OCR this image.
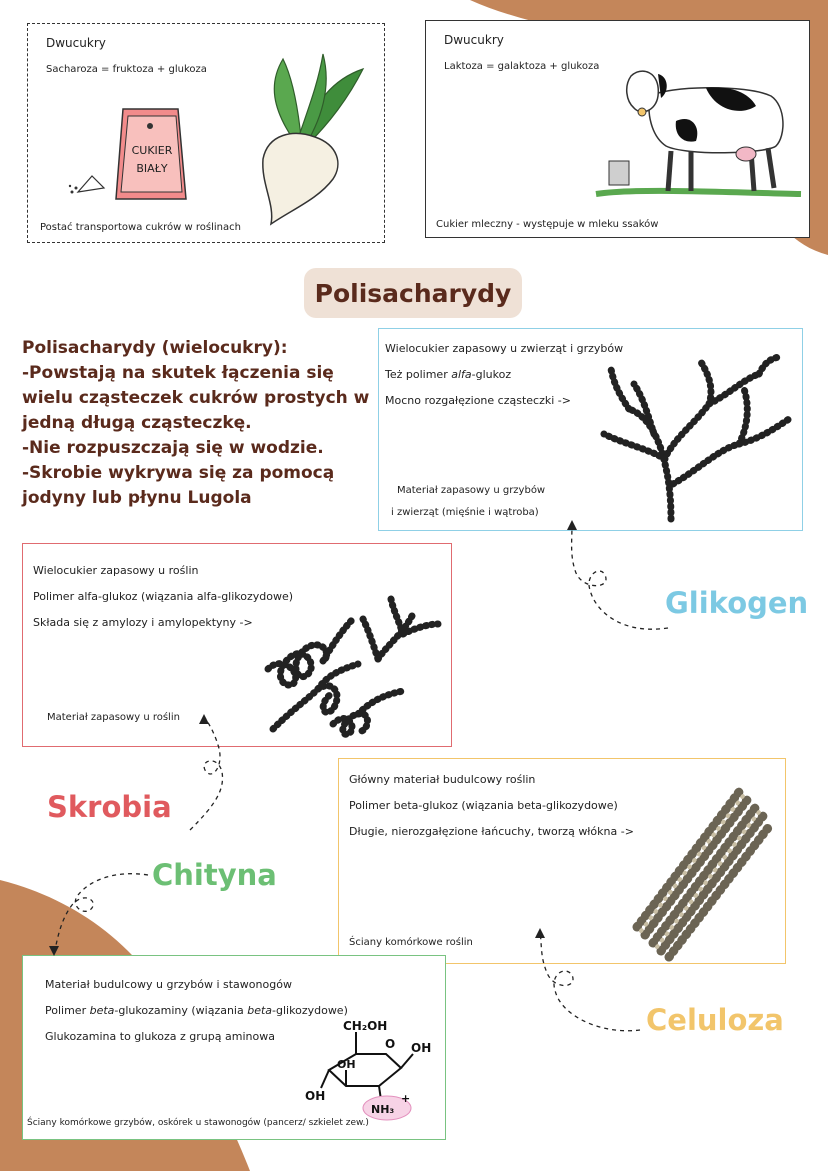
Dwucukry
Sacharoza = fruktoza + glukoza
CUKIER
BIAŁY
Postać transportowa cukrów w roślinach
Dwucukry
Laktoza = galaktoza + glukoza
Cukier mleczny - występuje w mleku ssaków
Polisacharydy
Polisacharydy (wielocukry):
-Powstają na skutek łączenia się
wielu cząsteczek cukrów prostych w
jedną długą cząsteczkę.
-Nie rozpuszczają się w wodzie.
-Skrobie wykrywa się za pomocą
jodyny lub płynu Lugola
Wielocukier zapasowy u zwierząt i grzybów
Też polimer alfa-glukoz
Mocno rozgałęzione cząsteczki ->
Materiał zapasowy u grzybów
i zwierząt (mięśnie i wątroba)
Wielocukier zapasowy u roślin
Polimer alfa-glukoz (wiązania alfa-glikozydowe)
Składa się z amylozy i amylopektyny ->
Materiał zapasowy u roślin
Główny materiał budulcowy roślin
Polimer beta-glukoz (wiązania beta-glikozydowe)
Długie, nierozgałęzione łańcuchy, tworzą włókna ->
Ściany komórkowe roślin
Materiał budulcowy u grzybów i stawonogów
Polimer beta-glukozaminy (wiązania beta-glikozydowe)
Glukozamina to glukoza z grupą aminowa
Ściany komórkowe grzybów, oskórek u stawonogów (pancerz/ szkielet zew.)
CH₂OH
O OH
OH
OH
NH₃
+
Glikogen
Skrobia
Chityna
Celuloza
